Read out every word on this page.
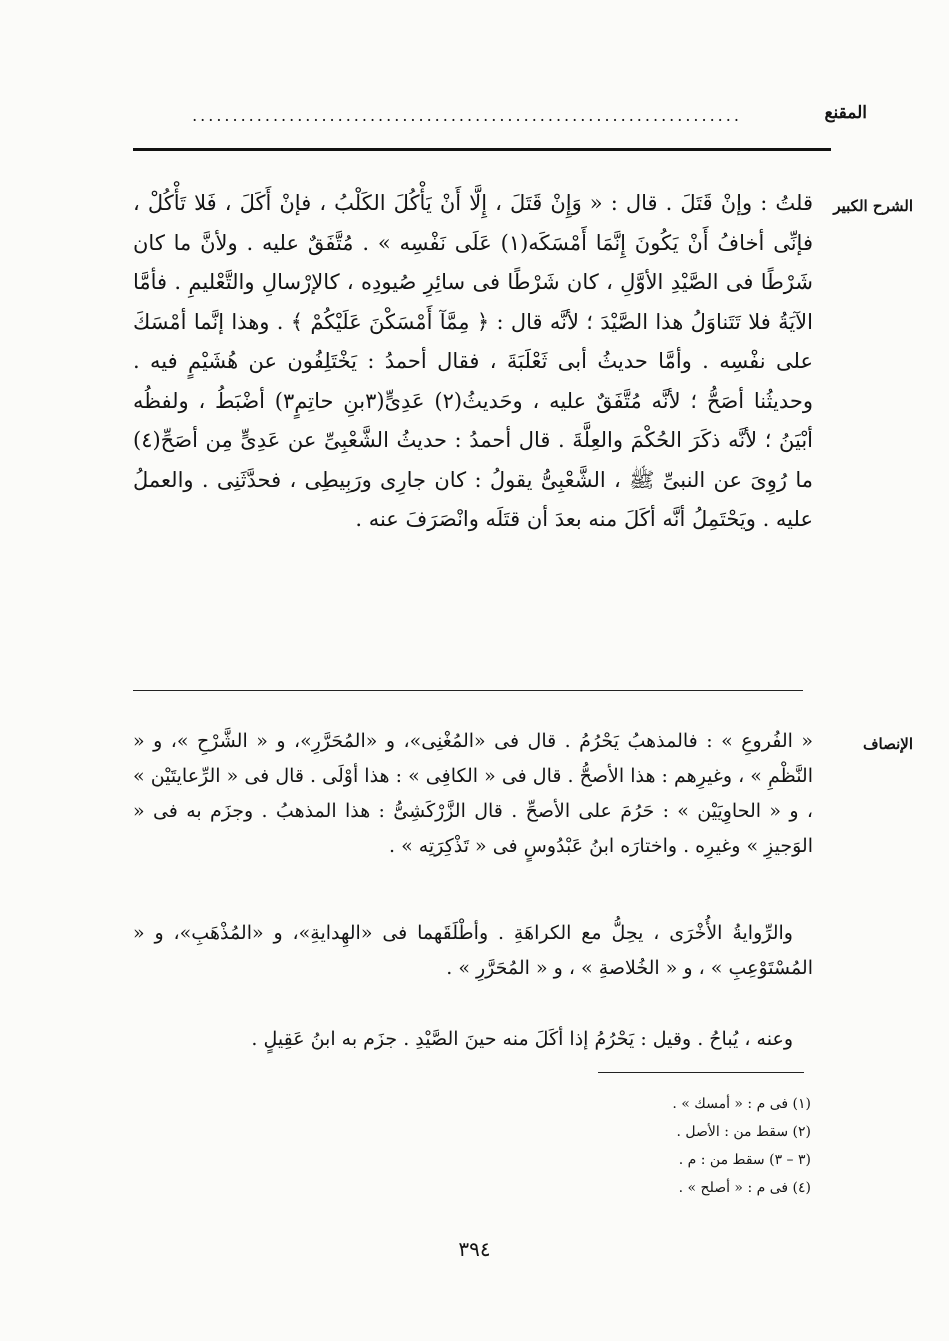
المقنع
....................................................................
الشرح الكبير

قلتُ : وإنْ قَتَلَ . قال : « وَإِنْ قَتَلَ ، إِلَّا أَنْ يَأْكُلَ الكَلْبُ ، فإنْ أَكَلَ ، فَلا تَأْكُلْ ، فإنِّى أخافُ أَنْ يَكُونَ إِنَّمَا أَمْسَكَه(١) عَلَى نَفْسِه » . مُتَّفَقٌ عليه . ولأنَّ ما كان شَرْطًا فى الصَّيْدِ الأوَّلِ ، كان شَرْطًا فى سائِرِ صُيودِه ، كالإرْسالِ والتَّعْليمِ . فأمَّا الآيَةُ فلا تَتَناوَلُ هذا الصَّيْدَ ؛ لأنَّه قال : ﴿ مِمَّآ أَمْسَكْنَ عَلَيْكُمْ ﴾ . وهذا إنَّما أمْسَكَ على نفْسِه . وأمَّا حديثُ أبى ثَعْلَبَةَ ، فقال أحمدُ : يَخْتَلِفُون عن هُشَيْمٍ فيه . وحديثُنا أصَحُّ ؛ لأنَّه مُتَّفَقٌ عليه ، وحَديثُ(٢) عَدِىٍّ(٣بنِ حاتِمٍ٣) أضْبَطُ ، ولفظُه أبْيَنُ ؛ لأنَّه ذكَرَ الحُكْمَ والعِلَّةَ . قال أحمدُ : حديثُ الشَّعْبِىِّ عن عَدِىٍّ مِن أصَحِّ(٤) ما رُوِىَ عن النبىِّ ﷺ ، الشَّعْبِىُّ يقولُ : كان جارِى ورَبِيطِى ، فحدَّثَنِى . والعملُ عليه . ويَحْتَمِلُ أنَّه أكَلَ منه بعدَ أن قتَلَه وانْصَرَفَ عنه .

الإنصاف

« الفُروعِ » : فالمذهبُ يَحْرُمُ . قال فى «المُغْنِى»، و «المُحَرَّرِ»، و « الشَّرْحِ »، و « النَّظْمِ » ، وغيرِهم : هذا الأصحُّ . قال فى « الكافِى » : هذا أوْلَى . قال فى « الرِّعايتَيْن » ، و « الحاوِيَيْن » : حَرُمَ على الأصحِّ . قال الزَّرْكَشِىُّ : هذا المذهبُ . وجزَم به فى « الوَجيزِ » وغيرِه . واختارَه ابنُ عَبْدُوسٍ فى « تَذْكِرَتِه » .

والرِّوايةُ الأُخْرَى ، يحِلُّ مع الكراهَةِ . وأطْلَقَهما فى «الهِدايةِ»، و «المُذْهَبِ»، و « المُسْتَوْعِبِ » ، و « الخُلاصةِ » ، و « المُحَرَّرِ » .

وعنه ، يُباحُ . وقيل : يَحْرُمُ إذا أكَلَ منه حينَ الصَّيْدِ . جزَم به ابنُ عَقِيلٍ .

(١) فى م : « أمسك » .
(٢) سقط من : الأصل .
(٣ – ٣) سقط من : م .
(٤) فى م : « أصلح » .
٣٩٤
